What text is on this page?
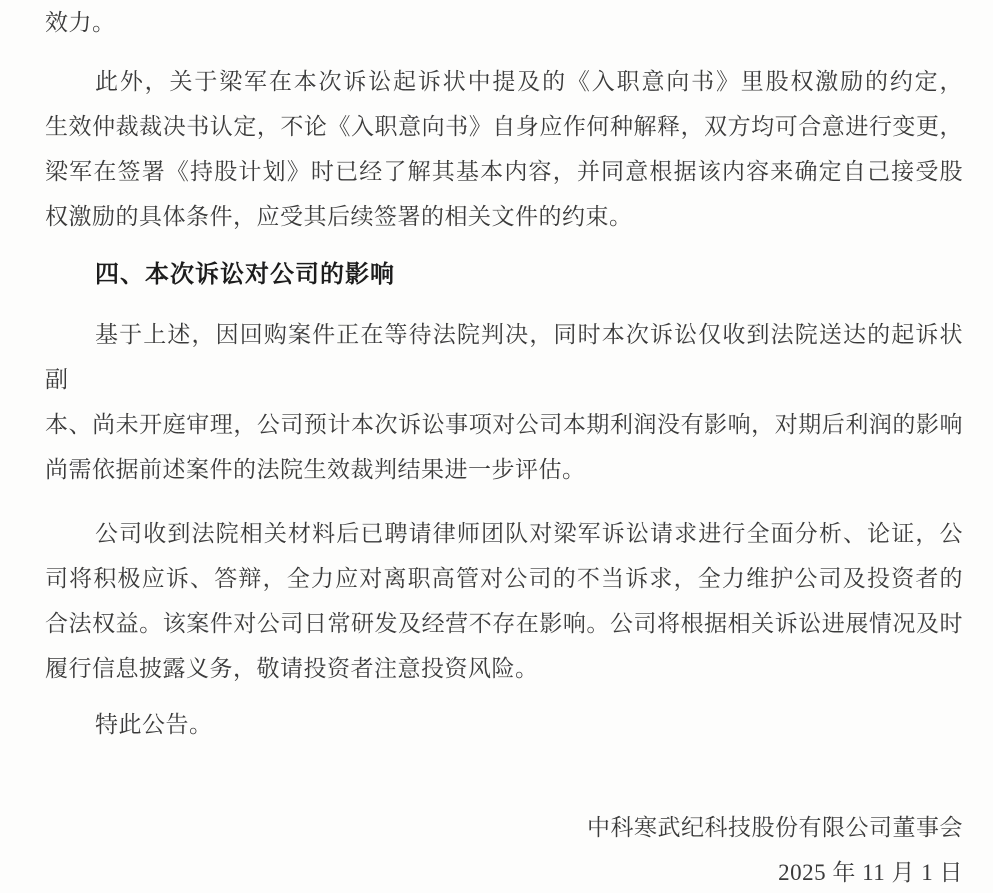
效力。

此外，关于梁军在本次诉讼起诉状中提及的《入职意向书》里股权激励的约定，

生效仲裁裁决书认定，不论《入职意向书》自身应作何种解释，双方均可合意进行变更，

梁军在签署《持股计划》时已经了解其基本内容，并同意根据该内容来确定自己接受股

权激励的具体条件，应受其后续签署的相关文件的约束。

四、本次诉讼对公司的影响

基于上述，因回购案件正在等待法院判决，同时本次诉讼仅收到法院送达的起诉状副

本、尚未开庭审理，公司预计本次诉讼事项对公司本期利润没有影响，对期后利润的影响

尚需依据前述案件的法院生效裁判结果进一步评估。

公司收到法院相关材料后已聘请律师团队对梁军诉讼请求进行全面分析、论证，公

司将积极应诉、答辩，全力应对离职高管对公司的不当诉求，全力维护公司及投资者的

合法权益。该案件对公司日常研发及经营不存在影响。公司将根据相关诉讼进展情况及时

履行信息披露义务，敬请投资者注意投资风险。

特此公告。

中科寒武纪科技股份有限公司董事会

2025 年 11 月 1 日
